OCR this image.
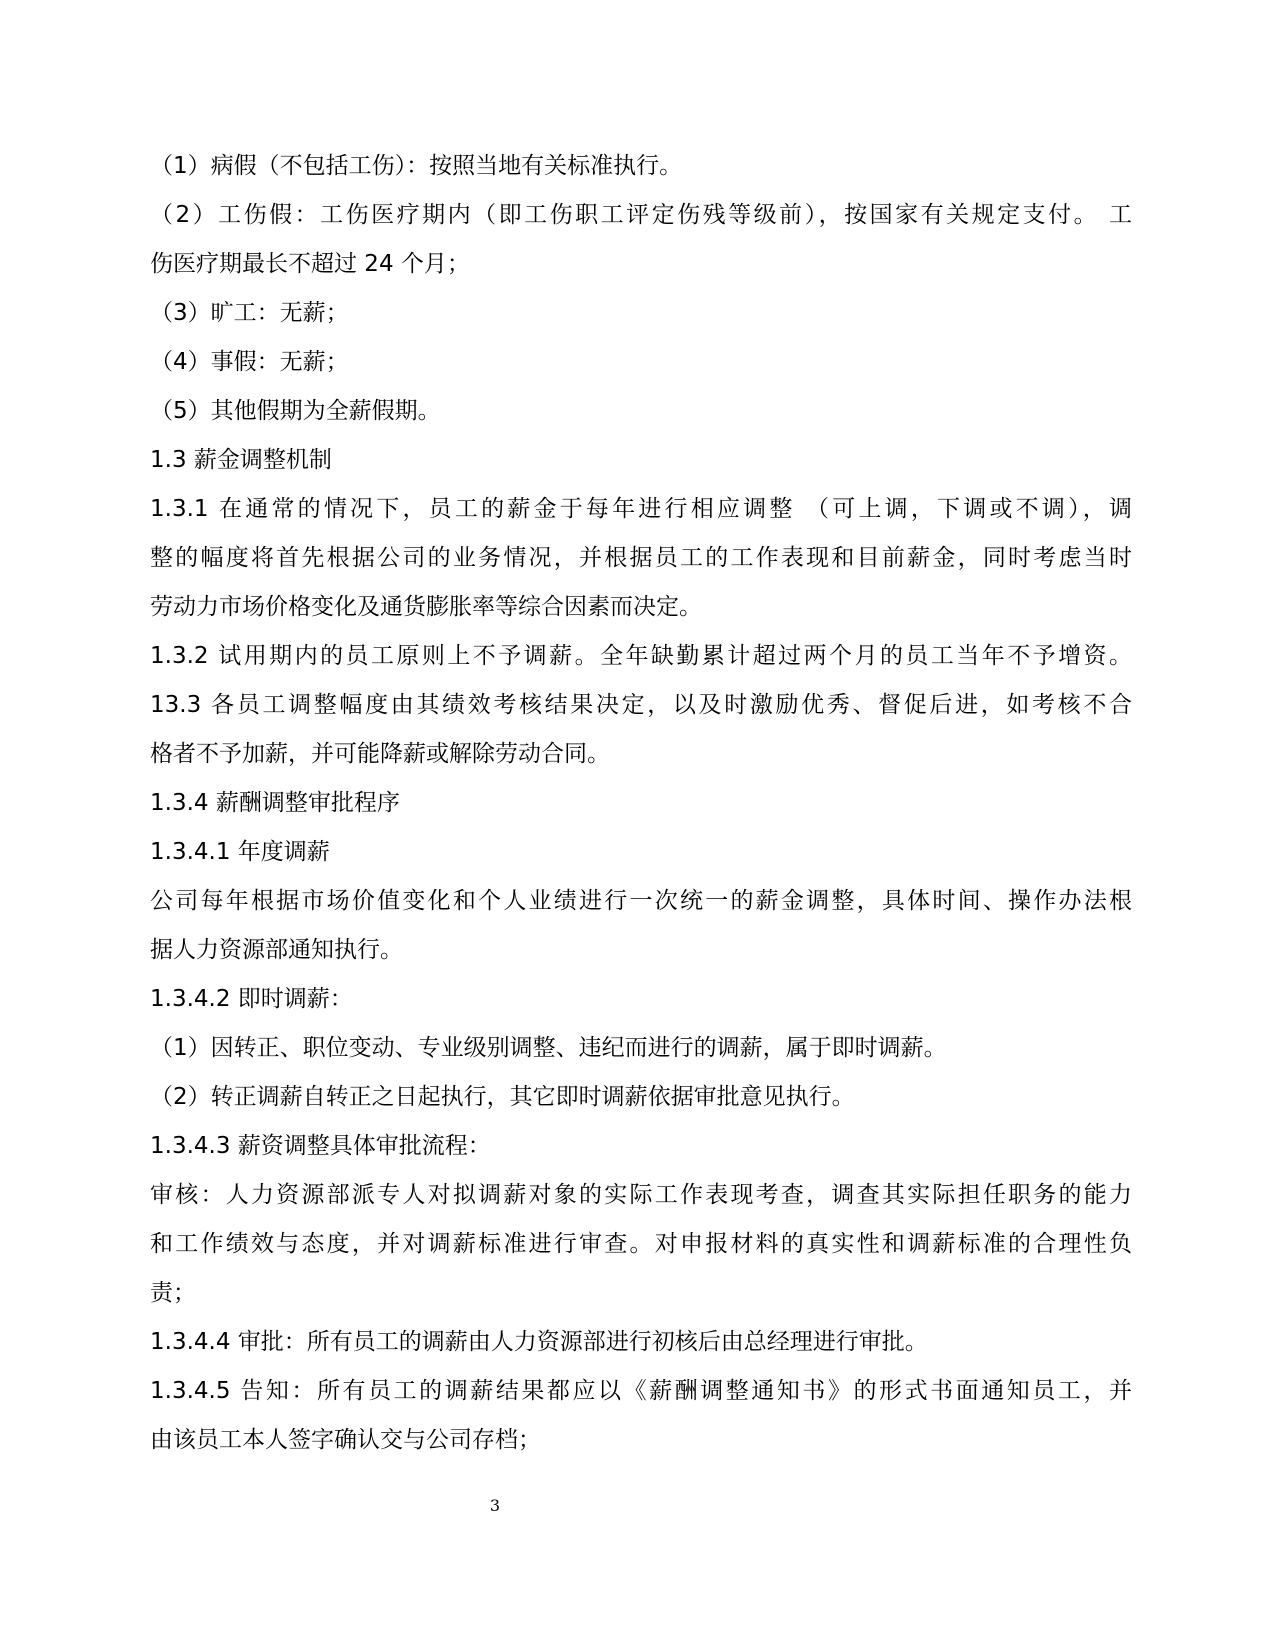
（1）病假（不包括工伤）：按照当地有关标准执行。
（2）工伤假：工伤医疗期内（即工伤职工评定伤残等级前），按国家有关规定支付。 工
伤医疗期最长不超过 24 个月；
（3）旷工：无薪；
（4）事假：无薪；
（5）其他假期为全薪假期。
1.3 薪金调整机制
1.3.1 在通常的情况下，员工的薪金于每年进行相应调整 （可上调，下调或不调），调
整的幅度将首先根据公司的业务情况，并根据员工的工作表现和目前薪金，同时考虑当时
劳动力市场价格变化及通货膨胀率等综合因素而决定。
1.3.2 试用期内的员工原则上不予调薪。全年缺勤累计超过两个月的员工当年不予增资。
13.3 各员工调整幅度由其绩效考核结果决定，以及时激励优秀、督促后进，如考核不合
格者不予加薪，并可能降薪或解除劳动合同。
1.3.4 薪酬调整审批程序
1.3.4.1 年度调薪
公司每年根据市场价值变化和个人业绩进行一次统一的薪金调整，具体时间、操作办法根
据人力资源部通知执行。
1.3.4.2 即时调薪：
（1）因转正、职位变动、专业级别调整、违纪而进行的调薪，属于即时调薪。
（2）转正调薪自转正之日起执行，其它即时调薪依据审批意见执行。
1.3.4.3 薪资调整具体审批流程：
审核：人力资源部派专人对拟调薪对象的实际工作表现考查，调查其实际担任职务的能力
和工作绩效与态度，并对调薪标准进行审查。对申报材料的真实性和调薪标准的合理性负
责；
1.3.4.4 审批：所有员工的调薪由人力资源部进行初核后由总经理进行审批。
1.3.4.5 告知：所有员工的调薪结果都应以《薪酬调整通知书》的形式书面通知员工，并
由该员工本人签字确认交与公司存档；
3
